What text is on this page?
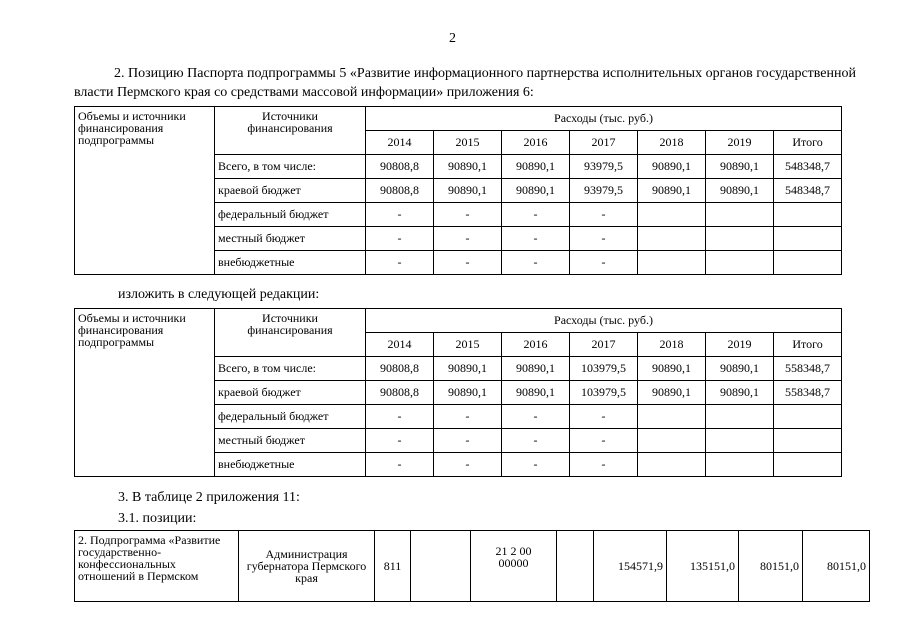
2
2. Позицию Паспорта подпрограммы 5 «Развитие информационного партнерства исполнительных органов государственной власти Пермского края со средствами массовой информации» приложения 6:
Объемы и источники финансирования подпрограммы	Источники финансирования	Расходы (тыс. руб.)						
		2014	2015	2016	2017	2018	2019	Итого
	Всего, в том числе:	90808,8	90890,1	90890,1	93979,5	90890,1	90890,1	548348,7
	краевой бюджет	90808,8	90890,1	90890,1	93979,5	90890,1	90890,1	548348,7
	федеральный бюджет	-	-	-	-			
	местный бюджет	-	-	-	-			
	внебюджетные	-	-	-	-			
изложить в следующей редакции:
Объемы и источники финансирования подпрограммы	Источники финансирования	Расходы (тыс. руб.)						
		2014	2015	2016	2017	2018	2019	Итого
	Всего, в том числе:	90808,8	90890,1	90890,1	103979,5	90890,1	90890,1	558348,7
	краевой бюджет	90808,8	90890,1	90890,1	103979,5	90890,1	90890,1	558348,7
	федеральный бюджет	-	-	-	-			
	местный бюджет	-	-	-	-			
	внебюджетные	-	-	-	-			
3. В таблице 2 приложения 11:
3.1. позиции:
2. Подпрограмма «Развитие государственно-конфессиональных отношений в Пермском	Администрация губернатора Пермского края	811		21 2 00
00000		154571,9	135151,0	80151,0	80151,0
